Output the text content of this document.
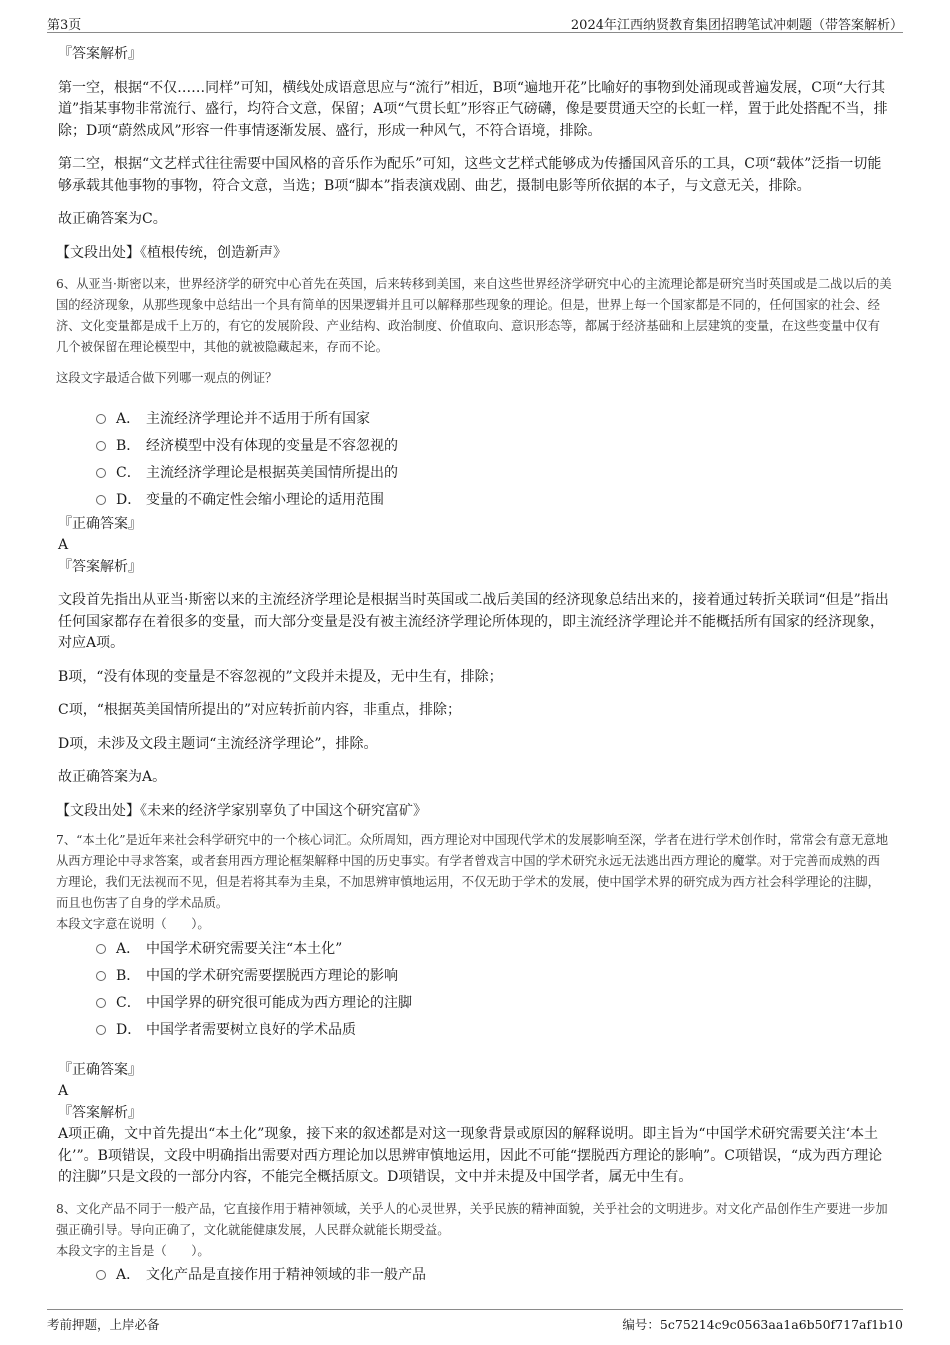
第3页	2024年江西纳贤教育集团招聘笔试冲刺题（带答案解析）

『答案解析』

第一空，根据“不仅……同样”可知，横线处成语意思应与“流行”相近，B项“遍地开花”比喻好的事物到处涌现或普遍发展，C项“大行其道”指某事物非常流行、盛行，均符合文意，保留；A项“气贯长虹”形容正气磅礴，像是要贯通天空的长虹一样，置于此处搭配不当，排除；D项“蔚然成风”形容一件事情逐渐发展、盛行，形成一种风气，不符合语境，排除。

第二空，根据“文艺样式往往需要中国风格的音乐作为配乐”可知，这些文艺样式能够成为传播国风音乐的工具，C项“载体”泛指一切能够承载其他事物的事物，符合文意，当选；B项“脚本”指表演戏剧、曲艺，摄制电影等所依据的本子，与文意无关，排除。

故正确答案为C。

【文段出处】《植根传统，创造新声》

6、从亚当·斯密以来，世界经济学的研究中心首先在英国，后来转移到美国，来自这些世界经济学研究中心的主流理论都是研究当时英国或是二战以后的美国的经济现象，从那些现象中总结出一个具有简单的因果逻辑并且可以解释那些现象的理论。但是，世界上每一个国家都是不同的，任何国家的社会、经济、文化变量都是成千上万的，有它的发展阶段、产业结构、政治制度、价值取向、意识形态等，都属于经济基础和上层建筑的变量，在这些变量中仅有几个被保留在理论模型中，其他的就被隐藏起来，存而不论。

这段文字最适合做下列哪一观点的例证？

A． 主流经济学理论并不适用于所有国家
B． 经济模型中没有体现的变量是不容忽视的
C． 主流经济学理论是根据英美国情所提出的
D． 变量的不确定性会缩小理论的适用范围

『正确答案』

A

『答案解析』

文段首先指出从亚当·斯密以来的主流经济学理论是根据当时英国或二战后美国的经济现象总结出来的，接着通过转折关联词“但是”指出任何国家都存在着很多的变量，而大部分变量是没有被主流经济学理论所体现的，即主流经济学理论并不能概括所有国家的经济现象，对应A项。

B项，“没有体现的变量是不容忽视的”文段并未提及，无中生有，排除；

C项，“根据英美国情所提出的”对应转折前内容，非重点，排除；

D项，未涉及文段主题词“主流经济学理论”，排除。

故正确答案为A。

【文段出处】《未来的经济学家别辜负了中国这个研究富矿》

7、“本土化”是近年来社会科学研究中的一个核心词汇。众所周知，西方理论对中国现代学术的发展影响至深，学者在进行学术创作时，常常会有意无意地从西方理论中寻求答案，或者套用西方理论框架解释中国的历史事实。有学者曾戏言中国的学术研究永远无法逃出西方理论的魔掌。对于完善而成熟的西方理论，我们无法视而不见，但是若将其奉为圭臬，不加思辨审慎地运用，不仅无助于学术的发展，使中国学术界的研究成为西方社会科学理论的注脚，而且也伤害了自身的学术品质。

本段文字意在说明（　　）。

A． 中国学术研究需要关注“本土化”
B． 中国的学术研究需要摆脱西方理论的影响
C． 中国学界的研究很可能成为西方理论的注脚
D． 中国学者需要树立良好的学术品质

『正确答案』

A

『答案解析』

A项正确，文中首先提出“本土化”现象，接下来的叙述都是对这一现象背景或原因的解释说明。即主旨为“中国学术研究需要关注‘本土化’”。B项错误，文段中明确指出需要对西方理论加以思辨审慎地运用，因此不可能“摆脱西方理论的影响”。C项错误，“成为西方理论的注脚”只是文段的一部分内容，不能完全概括原文。D项错误，文中并未提及中国学者，属无中生有。

8、文化产品不同于一般产品，它直接作用于精神领域，关乎人的心灵世界，关乎民族的精神面貌，关乎社会的文明进步。对文化产品创作生产要进一步加强正确引导。导向正确了，文化就能健康发展，人民群众就能长期受益。

本段文字的主旨是（　　）。

A． 文化产品是直接作用于精神领域的非一般产品
考前押题，上岸必备	编号：5c75214c9c0563aa1a6b50f717af1b10
